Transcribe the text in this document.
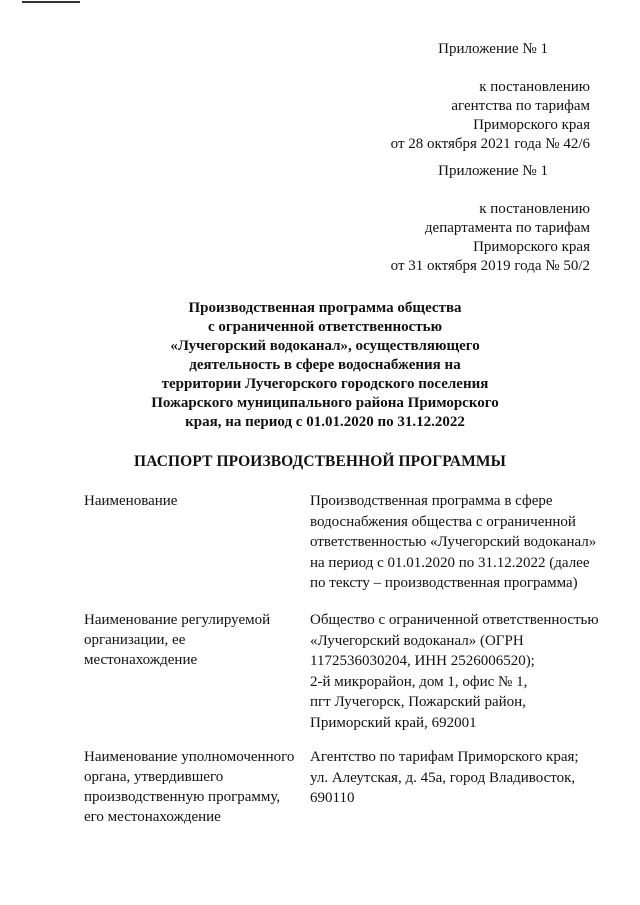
Приложение № 1
к постановлению
агентства по тарифам
Приморского края
от 28 октября 2021 года № 42/6
Приложение № 1
к постановлению
департамента по тарифам
Приморского края
от 31 октября 2019 года № 50/2
Производственная программа общества
с ограниченной ответственностью
«Лучегорский водоканал», осуществляющего
деятельность в сфере водоснабжения на
территории Лучегорского городского поселения
Пожарского муниципального района Приморского
края, на период с 01.01.2020 по 31.12.2022
ПАСПОРТ ПРОИЗВОДСТВЕННОЙ ПРОГРАММЫ
Наименование	Производственная программа в сфере
водоснабжения общества с ограниченной
ответственностью «Лучегорский водоканал»
на период с 01.01.2020 по 31.12.2022 (далее
по тексту – производственная программа)
Наименование регулируемой
организации, ее
местонахождение
Общество с ограниченной ответственностью
«Лучегорский водоканал» (ОГРН
1172536030204, ИНН 2526006520);
2-й микрорайон, дом 1, офис № 1,
пгт Лучегорск, Пожарский район,
Приморский край, 692001
Наименование уполномоченного
органа, утвердившего
производственную программу,
его местонахождение
Агентство по тарифам Приморского края;
ул. Алеутская, д. 45а, город Владивосток,
690110
